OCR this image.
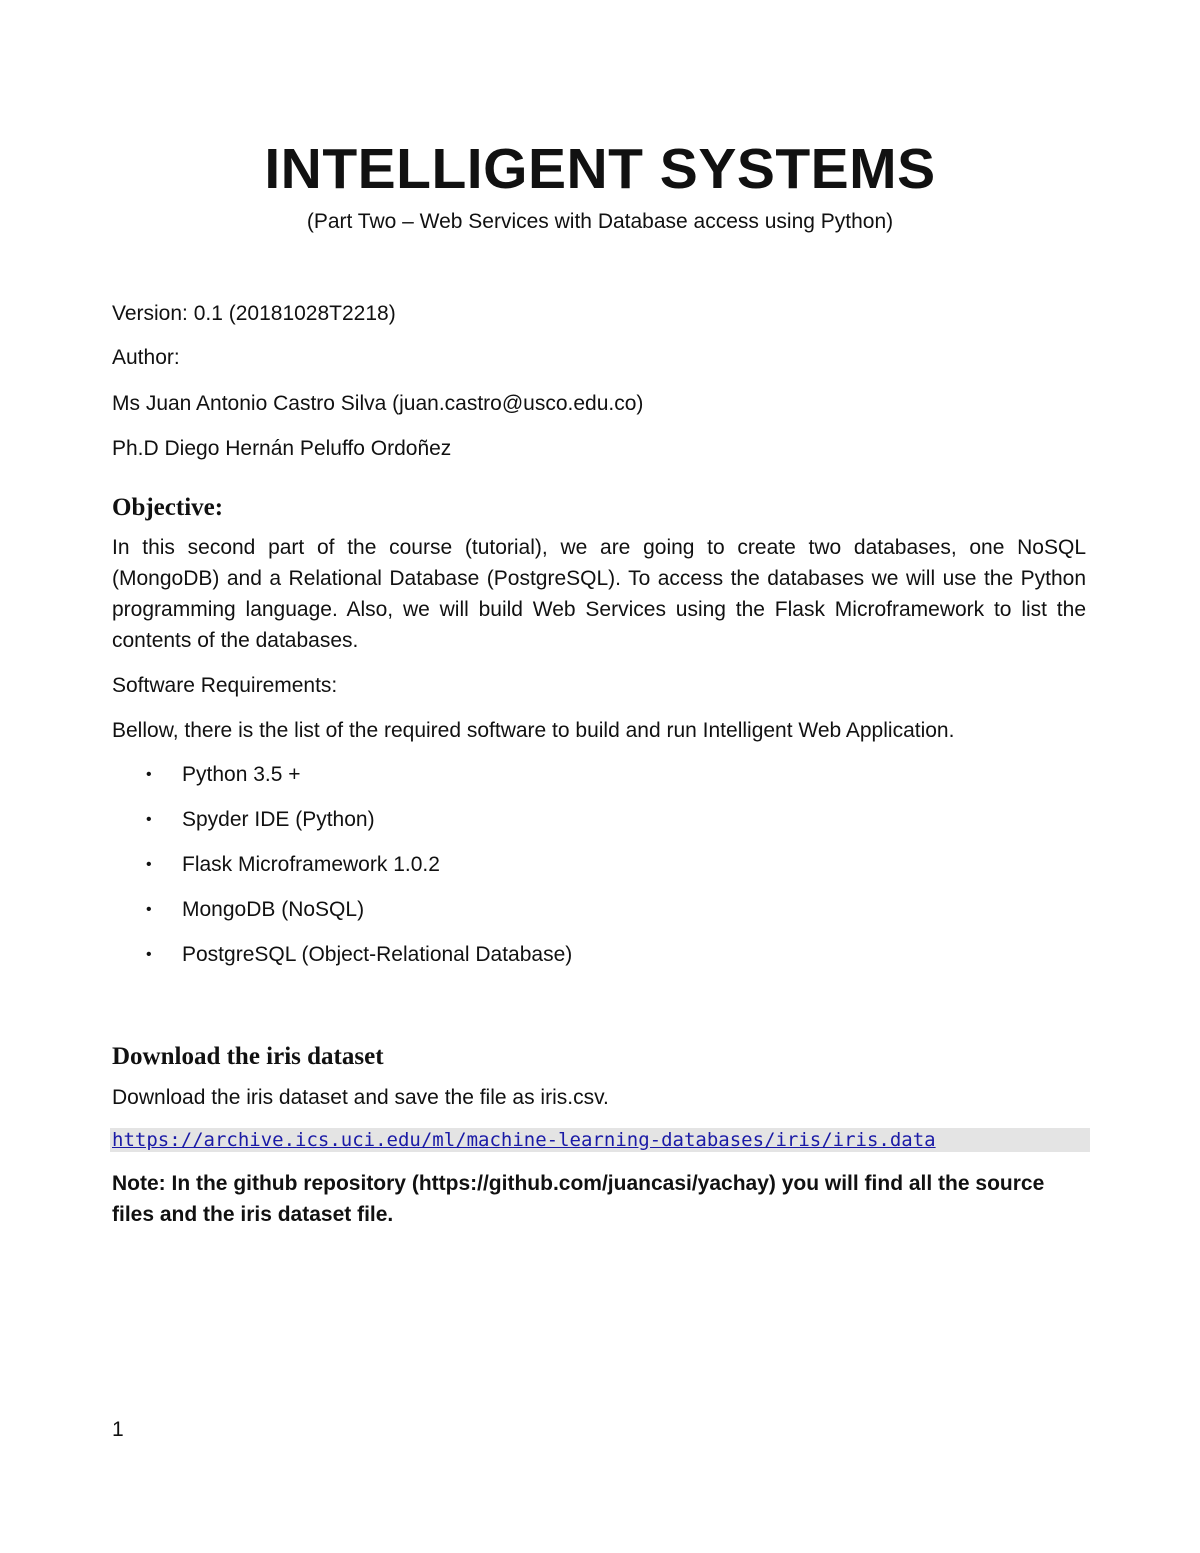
INTELLIGENT SYSTEMS

(Part Two – Web Services with Database access using Python)

Version: 0.1 (20181028T2218)

Author:

Ms Juan Antonio Castro Silva (juan.castro@usco.edu.co)

Ph.D Diego Hernán Peluffo Ordoñez

Objective:

In this second part of the course (tutorial), we are going to create two databases, one NoSQL (MongoDB) and a Relational Database (PostgreSQL). To access the databases we will use the Python programming language. Also, we will build Web Services using the Flask Microframework to list the contents of the databases.

Software Requirements:

Bellow, there is the list of the required software to build and run Intelligent Web Application.

• Python 3.5 +

• Spyder IDE (Python)

• Flask Microframework 1.0.2

• MongoDB (NoSQL)

• PostgreSQL (Object-Relational Database)

Download the iris dataset

Download the iris dataset and save the file as iris.csv.

https://archive.ics.uci.edu/ml/machine-learning-databases/iris/iris.data

Note: In the github repository (https://github.com/juancasi/yachay) you will find all the source files and the iris dataset file.

1
